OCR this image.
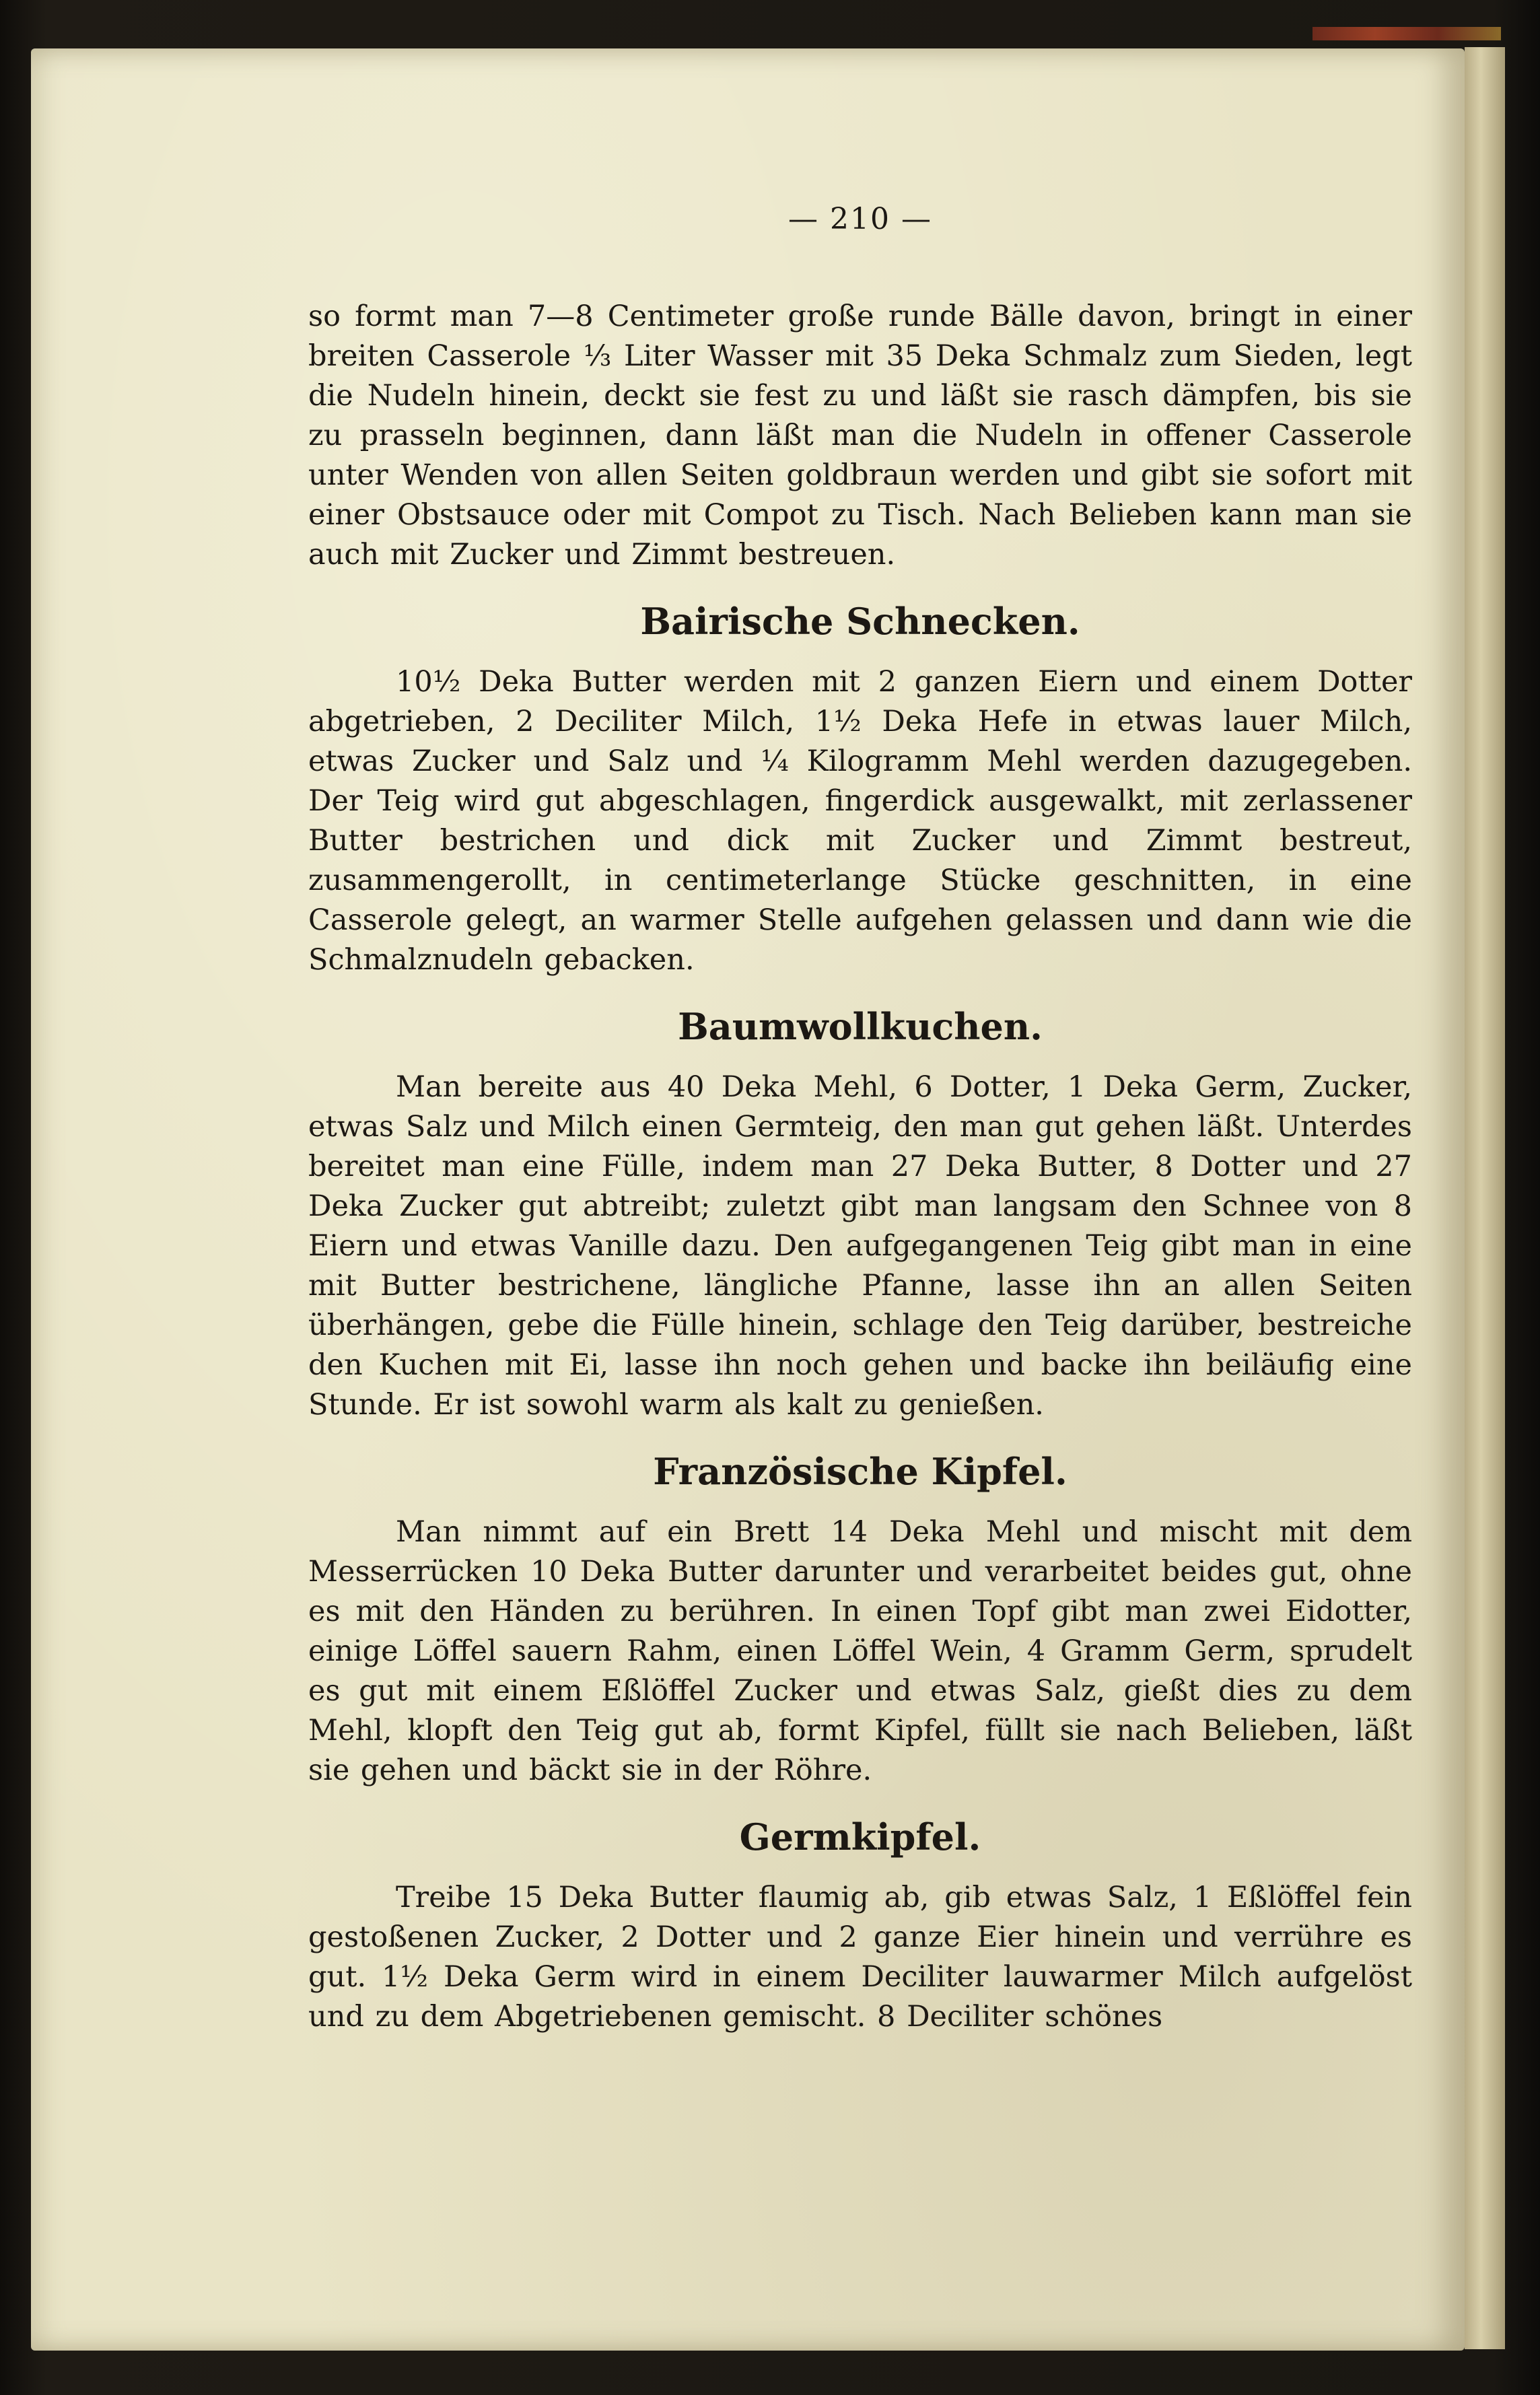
— 210 —

so formt man 7—8 Centimeter große runde Bälle davon, bringt in einer breiten Casserole ⅓ Liter Wasser mit 35 Deka Schmalz zum Sieden, legt die Nudeln hinein, deckt sie fest zu und läßt sie rasch dämpfen, bis sie zu prasseln beginnen, dann läßt man die Nudeln in offener Casserole unter Wenden von allen Seiten goldbraun werden und gibt sie sofort mit einer Obstsauce oder mit Compot zu Tisch. Nach Belieben kann man sie auch mit Zucker und Zimmt bestreuen.

Bairische Schnecken.

10½ Deka Butter werden mit 2 ganzen Eiern und einem Dotter abgetrieben, 2 Deciliter Milch, 1½ Deka Hefe in etwas lauer Milch, etwas Zucker und Salz und ¼ Kilogramm Mehl werden dazugegeben. Der Teig wird gut abgeschlagen, fingerdick ausgewalkt, mit zerlassener Butter bestrichen und dick mit Zucker und Zimmt bestreut, zusammengerollt, in centimeterlange Stücke geschnitten, in eine Casserole gelegt, an warmer Stelle aufgehen gelassen und dann wie die Schmalznudeln gebacken.

Baumwollkuchen.

Man bereite aus 40 Deka Mehl, 6 Dotter, 1 Deka Germ, Zucker, etwas Salz und Milch einen Germteig, den man gut gehen läßt. Unterdes bereitet man eine Fülle, indem man 27 Deka Butter, 8 Dotter und 27 Deka Zucker gut abtreibt; zuletzt gibt man langsam den Schnee von 8 Eiern und etwas Vanille dazu. Den aufgegangenen Teig gibt man in eine mit Butter bestrichene, längliche Pfanne, lasse ihn an allen Seiten überhängen, gebe die Fülle hinein, schlage den Teig darüber, bestreiche den Kuchen mit Ei, lasse ihn noch gehen und backe ihn beiläufig eine Stunde. Er ist sowohl warm als kalt zu genießen.

Französische Kipfel.

Man nimmt auf ein Brett 14 Deka Mehl und mischt mit dem Messerrücken 10 Deka Butter darunter und verarbeitet beides gut, ohne es mit den Händen zu berühren. In einen Topf gibt man zwei Eidotter, einige Löffel sauern Rahm, einen Löffel Wein, 4 Gramm Germ, sprudelt es gut mit einem Eßlöffel Zucker und etwas Salz, gießt dies zu dem Mehl, klopft den Teig gut ab, formt Kipfel, füllt sie nach Belieben, läßt sie gehen und bäckt sie in der Röhre.

Germkipfel.

Treibe 15 Deka Butter flaumig ab, gib etwas Salz, 1 Eßlöffel fein gestoßenen Zucker, 2 Dotter und 2 ganze Eier hinein und verrühre es gut. 1½ Deka Germ wird in einem Deciliter lauwarmer Milch aufgelöst und zu dem Abgetriebenen gemischt. 8 Deciliter schönes
